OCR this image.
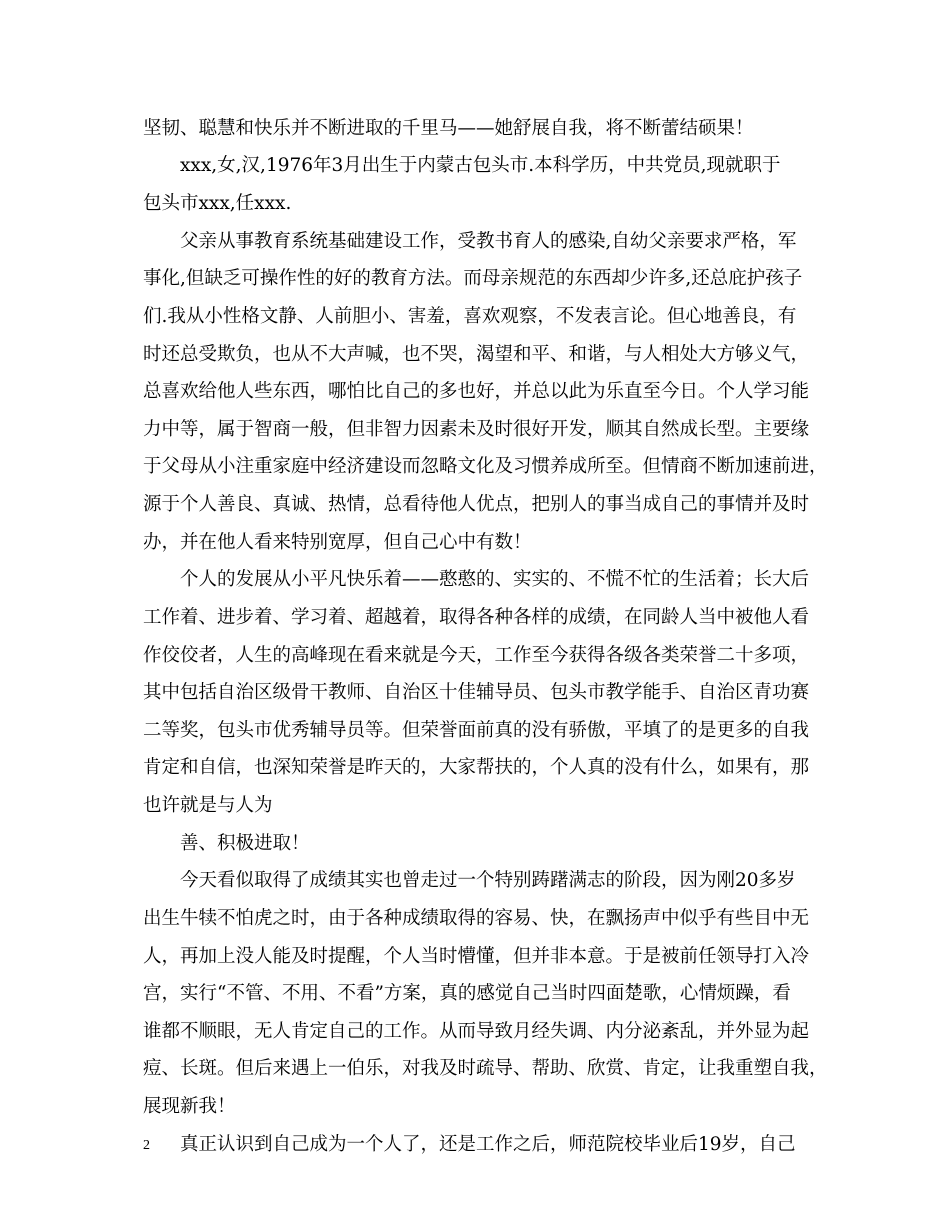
坚韧、聪慧和快乐并不断进取的千里马——她舒展自我，将不断蕾结硕果！
xxx,女,汉,1976年3月出生于内蒙古包头市.本科学历，中共党员,现就职于
包头市xxx,任xxx.
父亲从事教育系统基础建设工作，受教书育人的感染,自幼父亲要求严格，军
事化,但缺乏可操作性的好的教育方法。而母亲规范的东西却少许多,还总庇护孩子
们.我从小性格文静、人前胆小、害羞，喜欢观察，不发表言论。但心地善良，有
时还总受欺负，也从不大声喊，也不哭，渴望和平、和谐，与人相处大方够义气，
总喜欢给他人些东西，哪怕比自己的多也好，并总以此为乐直至今日。个人学习能
力中等，属于智商一般，但非智力因素未及时很好开发，顺其自然成长型。主要缘
于父母从小注重家庭中经济建设而忽略文化及习惯养成所至。但情商不断加速前进，
源于个人善良、真诚、热情，总看待他人优点，把别人的事当成自己的事情并及时
办，并在他人看来特别宽厚，但自己心中有数！
个人的发展从小平凡快乐着——憨憨的、实实的、不慌不忙的生活着；长大后
工作着、进步着、学习着、超越着，取得各种各样的成绩，在同龄人当中被他人看
作佼佼者，人生的高峰现在看来就是今天，工作至今获得各级各类荣誉二十多项，
其中包括自治区级骨干教师、自治区十佳辅导员、包头市教学能手、自治区青功赛
二等奖，包头市优秀辅导员等。但荣誉面前真的没有骄傲，平填了的是更多的自我
肯定和自信，也深知荣誉是昨天的，大家帮扶的，个人真的没有什么，如果有，那
也许就是与人为
善、积极进取！
今天看似取得了成绩其实也曾走过一个特别踌躇满志的阶段，因为刚20多岁
出生牛犊不怕虎之时，由于各种成绩取得的容易、快，在飘扬声中似乎有些目中无
人，再加上没人能及时提醒，个人当时懵懂，但并非本意。于是被前任领导打入冷
宫，实行“不管、不用、不看”方案，真的感觉自己当时四面楚歌，心情烦躁，看
谁都不顺眼，无人肯定自己的工作。从而导致月经失调、内分泌紊乱，并外显为起
痘、长斑。但后来遇上一伯乐，对我及时疏导、帮助、欣赏、肯定，让我重塑自我，
展现新我！
真正认识到自己成为一个人了，还是工作之后，师范院校毕业后19岁，自己
2
